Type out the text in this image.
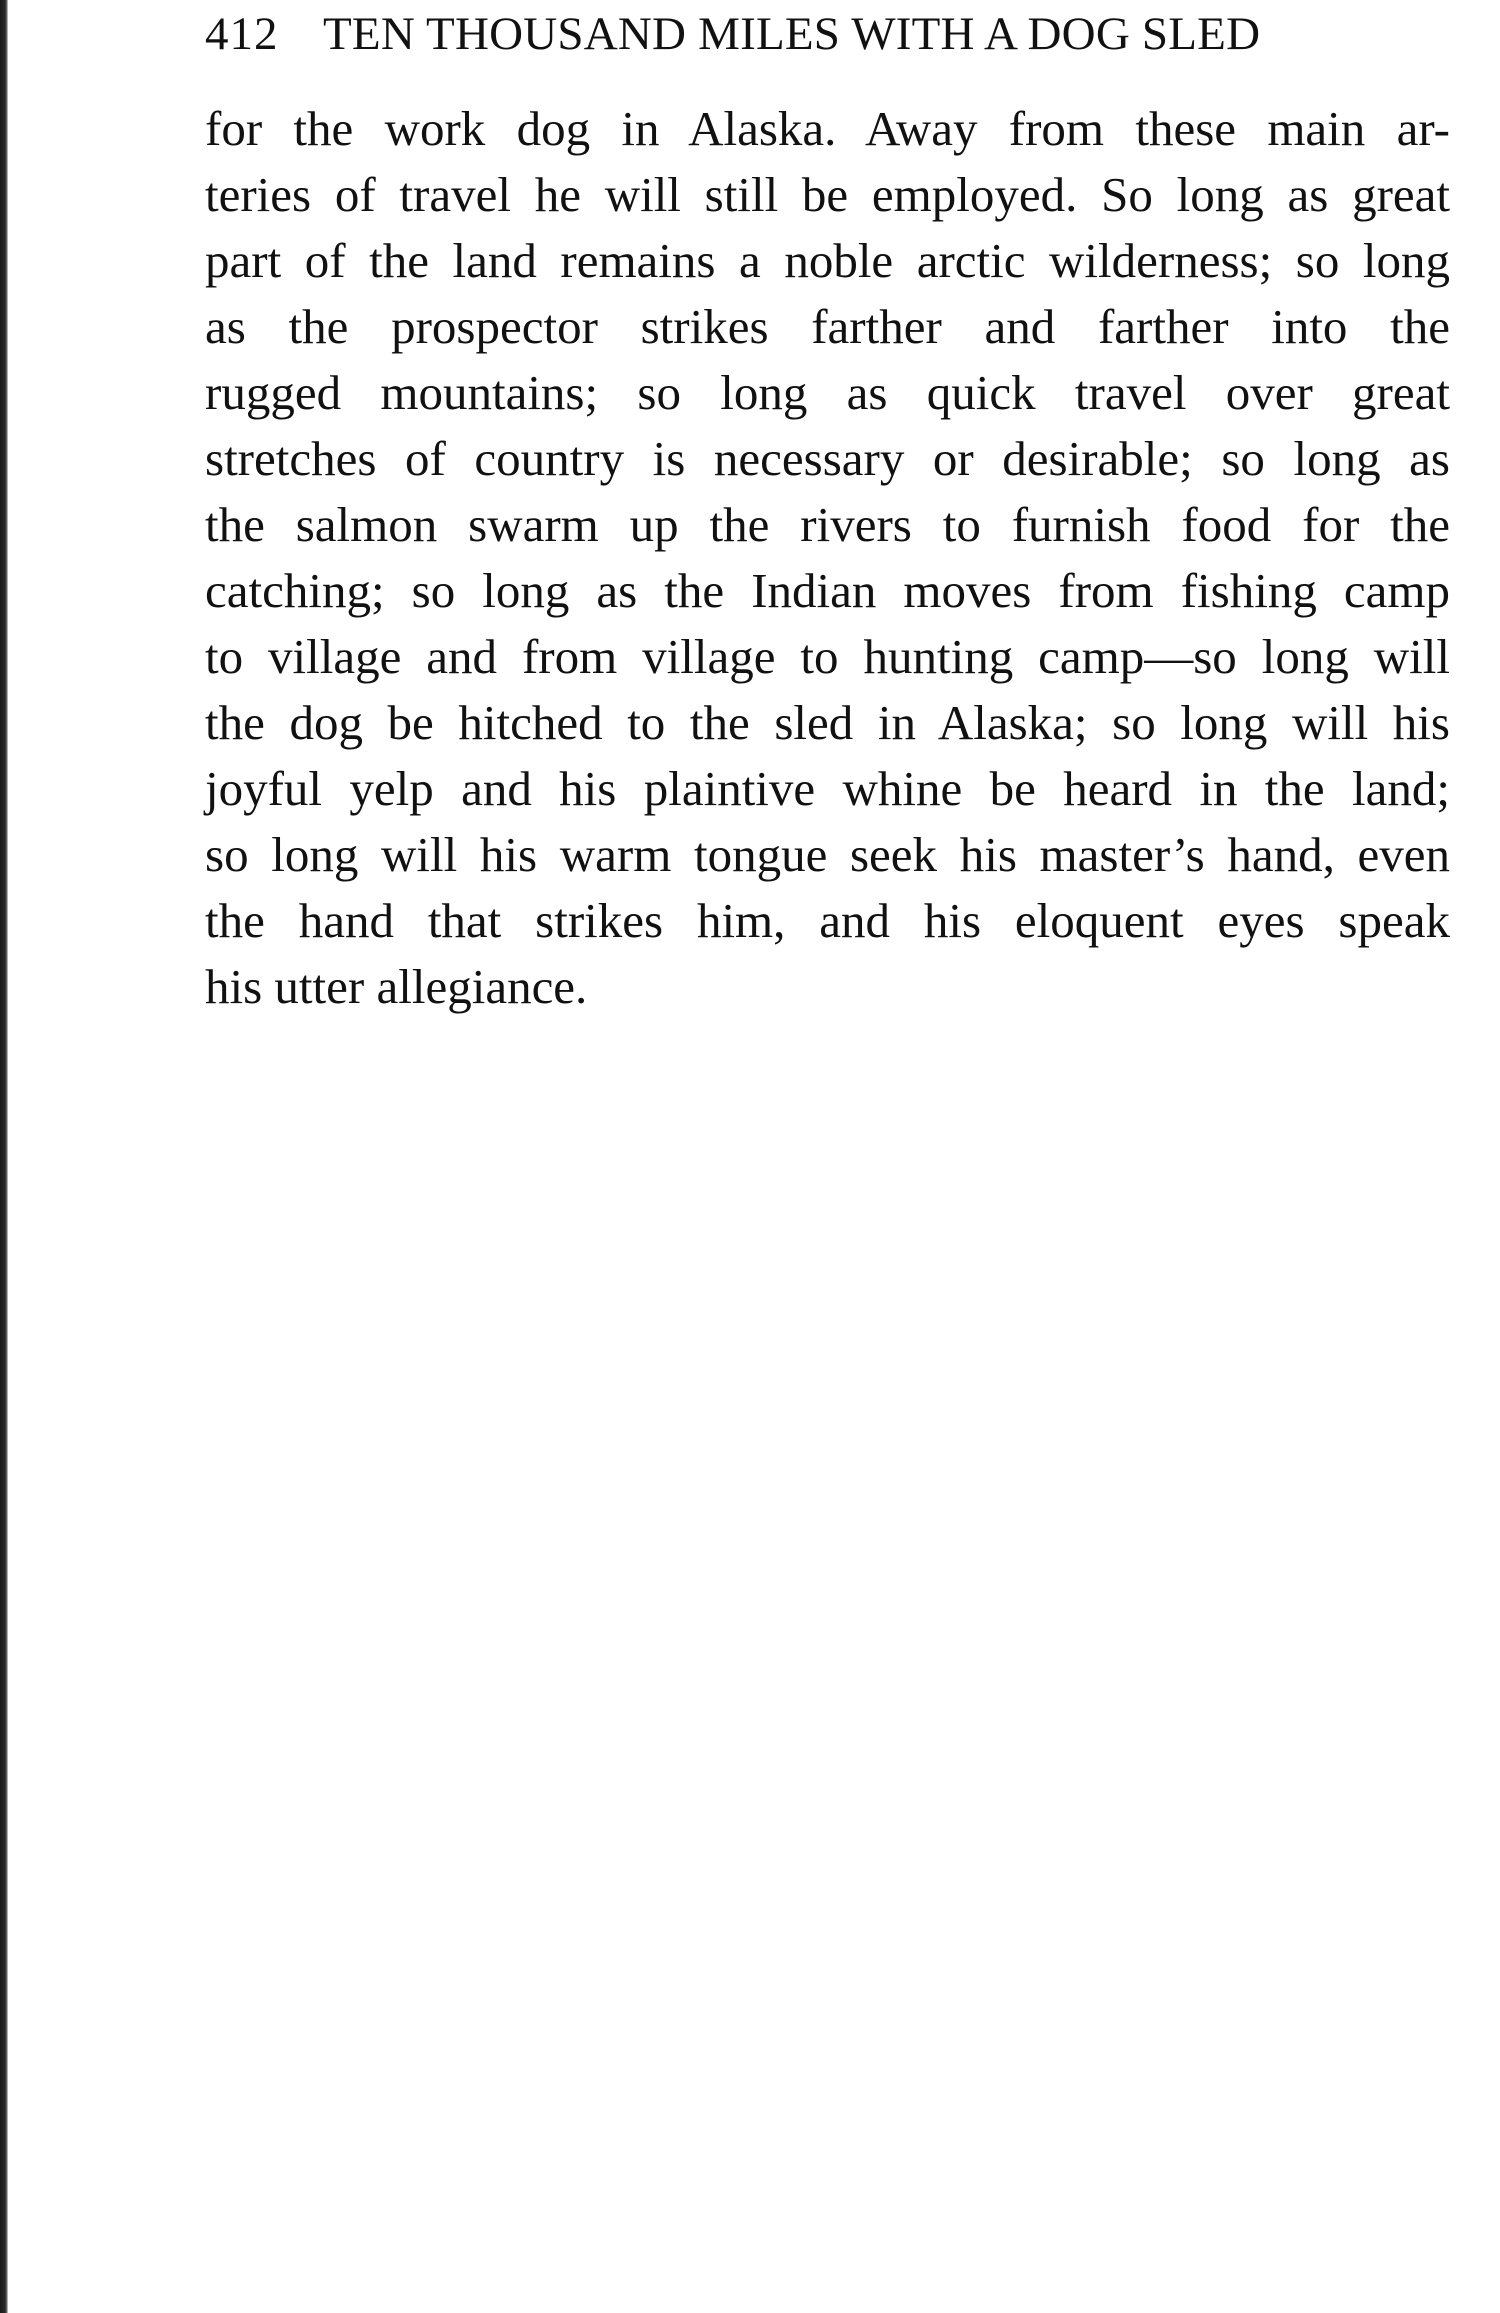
412 TEN THOUSAND MILES WITH A DOG SLED
for the work dog in Alaska. Away from these main ar-
teries of travel he will still be employed. So long as great
part of the land remains a noble arctic wilderness; so long
as the prospector strikes farther and farther into the
rugged mountains; so long as quick travel over great
stretches of country is necessary or desirable; so long as
the salmon swarm up the rivers to furnish food for the
catching; so long as the Indian moves from fishing camp
to village and from village to hunting camp—so long will
the dog be hitched to the sled in Alaska; so long will his
joyful yelp and his plaintive whine be heard in the land;
so long will his warm tongue seek his master’s hand, even
the hand that strikes him, and his eloquent eyes speak
his utter allegiance.
